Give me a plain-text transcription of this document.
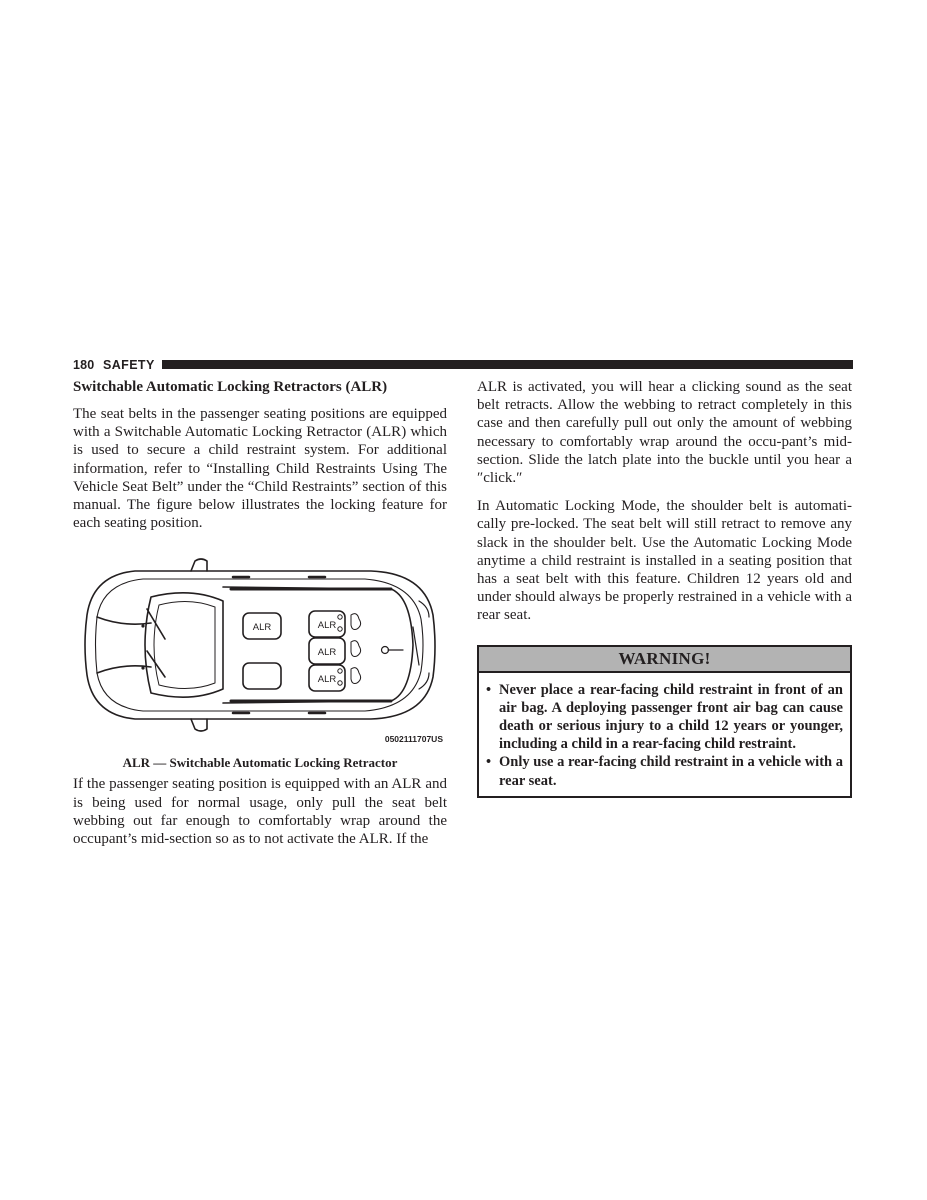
180 SAFETY
Switchable Automatic Locking Retractors (ALR)

The seat belts in the passenger seating positions are equipped with a Switchable Automatic Locking Retractor (ALR) which is used to secure a child restraint system. For additional information, refer to “Installing Child Restraints Using The Vehicle Seat Belt” under the “Child Restraints” section of this manual. The figure below illustrates the locking feature for each seating position.

ALR	ALR
ALR
ALR
0502111707US
ALR — Switchable Automatic Locking Retractor

If the passenger seating position is equipped with an ALR and is being used for normal usage, only pull the seat belt webbing out far enough to comfortably wrap around the occupant’s mid-section so as to not activate the ALR. If the

ALR is activated, you will hear a clicking sound as the seat belt retracts. Allow the webbing to retract completely in this case and then carefully pull out only the amount of webbing necessary to comfortably wrap around the occu-pant’s mid-section. Slide the latch plate into the buckle until you hear a ″click.″

In Automatic Locking Mode, the shoulder belt is automati-cally pre-locked. The seat belt will still retract to remove any slack in the shoulder belt. Use the Automatic Locking Mode anytime a child restraint is installed in a seating position that has a seat belt with this feature. Children 12 years old and under should always be properly restrained in a vehicle with a rear seat.

WARNING!
• Never place a rear-facing child restraint in front of an air bag. A deploying passenger front air bag can cause death or serious injury to a child 12 years or younger, including a child in a rear-facing child restraint.
• Only use a rear-facing child restraint in a vehicle with a rear seat.
